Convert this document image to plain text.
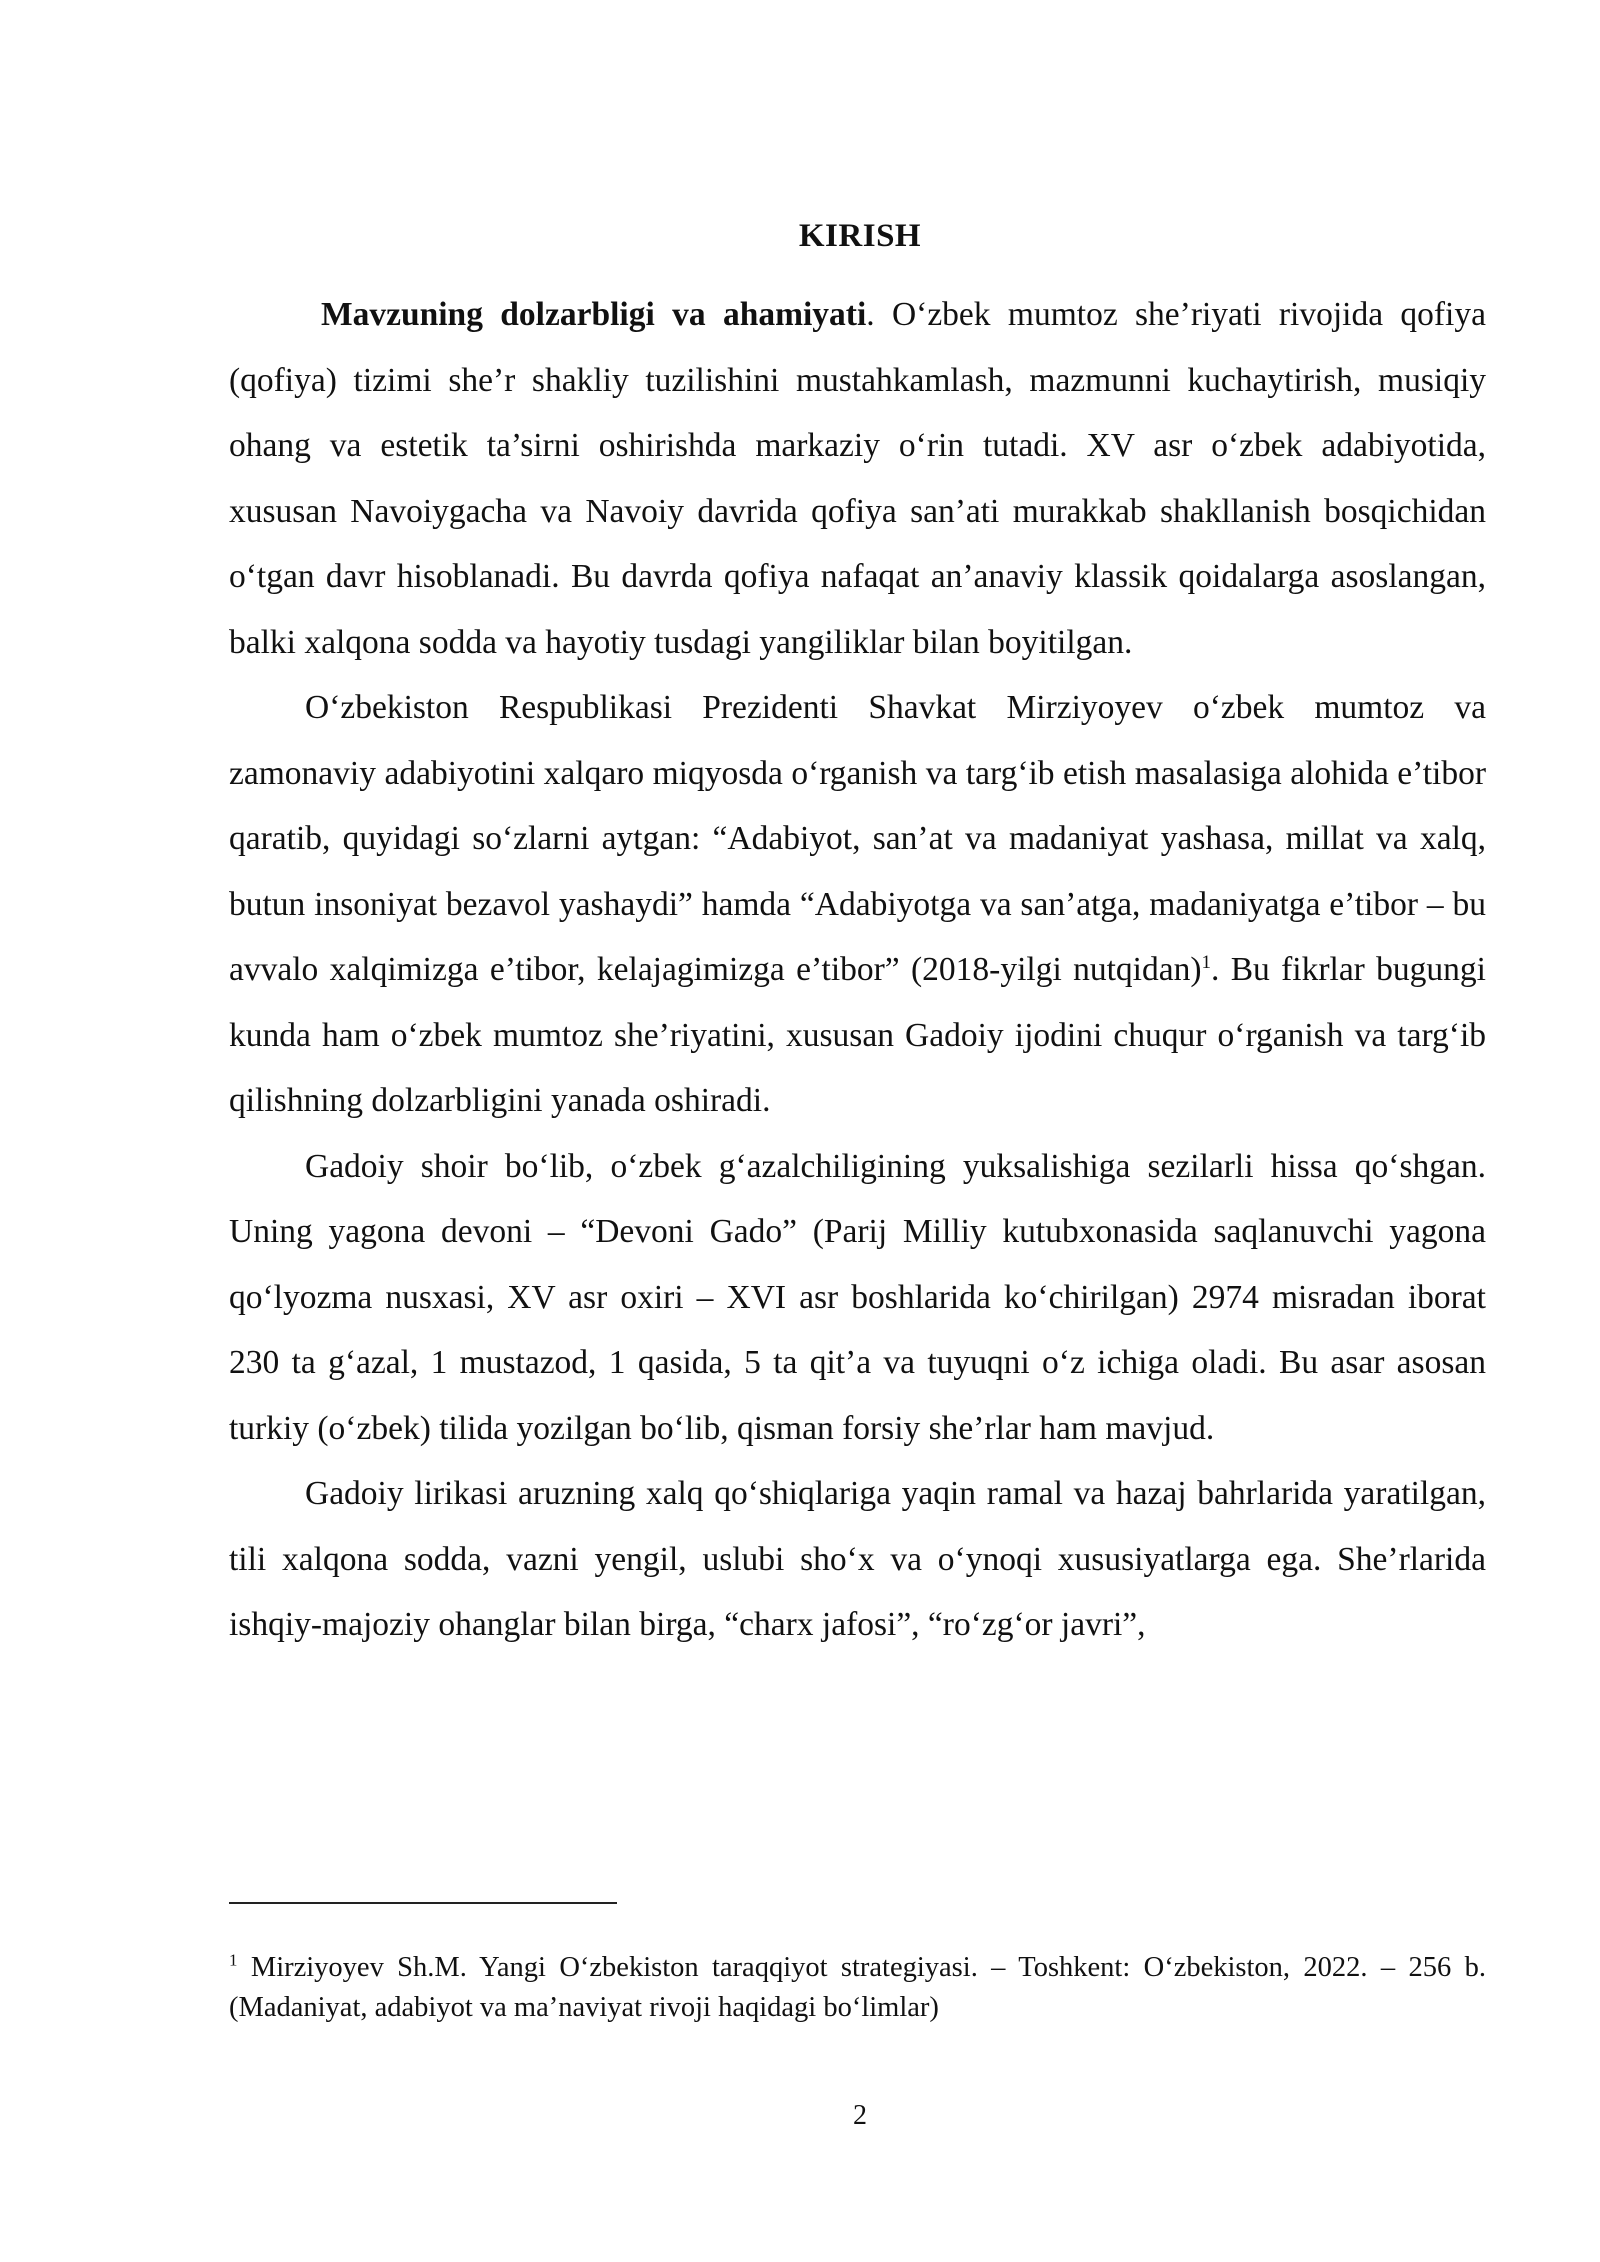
KIRISH

Mavzuning dolzarbligi va ahamiyati. O‘zbek mumtoz she’riyati rivojida qofiya (qofiya) tizimi she’r shakliy tuzilishini mustahkamlash, mazmunni kuchaytirish, musiqiy ohang va estetik ta’sirni oshirishda markaziy o‘rin tutadi. XV asr o‘zbek adabiyotida, xususan Navoiygacha va Navoiy davrida qofiya san’ati murakkab shakllanish bosqichidan o‘tgan davr hisoblanadi. Bu davrda qofiya nafaqat an’anaviy klassik qoidalarga asoslangan, balki xalqona sodda va hayotiy tusdagi yangiliklar bilan boyitilgan.

O‘zbekiston Respublikasi Prezidenti Shavkat Mirziyoyev o‘zbek mumtoz va zamonaviy adabiyotini xalqaro miqyosda o‘rganish va targ‘ib etish masalasiga alohida e’tibor qaratib, quyidagi so‘zlarni aytgan: “Adabiyot, san’at va madaniyat yashasa, millat va xalq, butun insoniyat bezavol yashaydi” hamda “Adabiyotga va san’atga, madaniyatga e’tibor – bu avvalo xalqimizga e’tibor, kelajagimizga e’tibor” (2018-yilgi nutqidan)$^1$. Bu fikrlar bugungi kunda ham o‘zbek mumtoz she’riyatini, xususan Gadoiy ijodini chuqur o‘rganish va targ‘ib qilishning dolzarbligini yanada oshiradi.

Gadoiy shoir bo‘lib, o‘zbek g‘azalchiligining yuksalishiga sezilarli hissa qo‘shgan. Uning yagona devoni – “Devoni Gado” (Parij Milliy kutubxonasida saqlanuvchi yagona qo‘lyozma nusxasi, XV asr oxiri – XVI asr boshlarida ko‘chirilgan) 2974 misradan iborat 230 ta g‘azal, 1 mustazod, 1 qasida, 5 ta qit’a va tuyuqni o‘z ichiga oladi. Bu asar asosan turkiy (o‘zbek) tilida yozilgan bo‘lib, qisman forsiy she’rlar ham mavjud.

Gadoiy lirikasi aruzning xalq qo‘shiqlariga yaqin ramal va hazaj bahrlarida yaratilgan, tili xalqona sodda, vazni yengil, uslubi sho‘x va o‘ynoqi xususiyatlarga ega. She’rlarida ishqiy-majoziy ohanglar bilan birga, “charx jafosi”, “ro‘zg‘or javri”,

$^1$ Mirziyoyev Sh.M. Yangi O‘zbekiston taraqqiyot strategiyasi. – Toshkent: O‘zbekiston, 2022. – 256 b. (Madaniyat, adabiyot va ma’naviyat rivoji haqidagi bo‘limlar)
2
